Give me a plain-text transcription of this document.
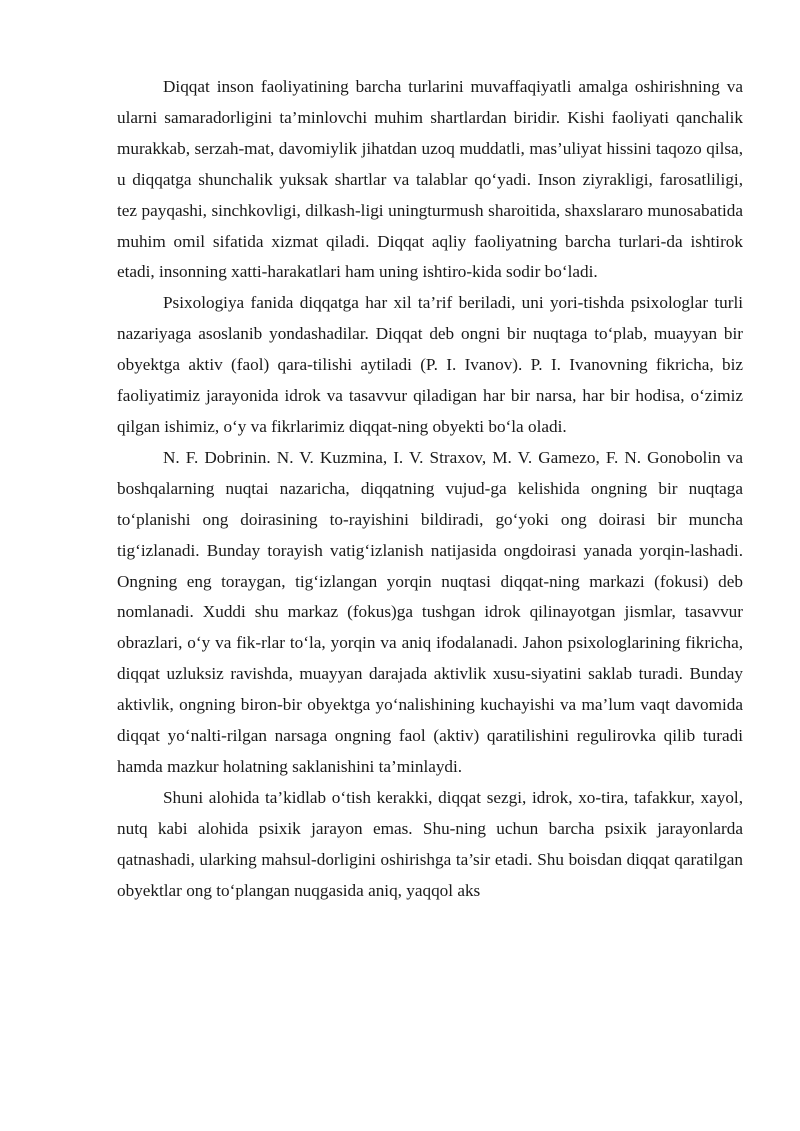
Diqqat inson faoliyatining barcha turlarini muvaffaqiyatli amalga oshirishning va ularni samaradorligini ta’minlovchi muhim shartlardan biridir. Kishi faoliyati qanchalik murakkab, serzah-mat, davomiylik jihatdan uzoq muddatli, mas’uliyat hissini taqozo qilsa, u diqqatga shunchalik yuksak shartlar va talablar qo‘yadi. Inson ziyrakligi, farosatliligi, tez payqashi, sinchkovligi, dilkash-ligi uningturmush sharoitida, shaxslararo munosabatida muhim omil sifatida xizmat qiladi. Diqqat aqliy faoliyatning barcha turlari-da ishtirok etadi, insonning xatti-harakatlari ham uning ishtiro-kida sodir bo‘ladi.

Psixologiya fanida diqqatga har xil ta’rif beriladi, uni yori-tishda psixologlar turli nazariyaga asoslanib yondashadilar. Diqqat deb ongni bir nuqtaga to‘plab, muayyan bir obyektga aktiv (faol) qara-tilishi aytiladi (P. I. Ivanov). P. I. Ivanovning fikricha, biz faoliyatimiz jarayonida idrok va tasavvur qiladigan har bir narsa, har bir hodisa, o‘zimiz qilgan ishimiz, o‘y va fikrlarimiz diqqat-ning obyekti bo‘la oladi.

N. F. Dobrinin. N. V. Kuzmina, I. V. Straxov, M. V. Gamezo, F. N. Gonobolin va boshqalarning nuqtai nazaricha, diqqatning vujud-ga kelishida ongning bir nuqtaga to‘planishi ong doirasining to-rayishini bildiradi, go‘yoki ong doirasi bir muncha tig‘izlanadi. Bunday torayish vatig‘izlanish natijasida ongdoirasi yanada yorqin-lashadi. Ongning eng toraygan, tig‘izlangan yorqin nuqtasi diqqat-ning markazi (fokusi) deb nomlanadi. Xuddi shu markaz (fokus)ga tushgan idrok qilinayotgan jismlar, tasavvur obrazlari, o‘y va fik-rlar to‘la, yorqin va aniq ifodalanadi. Jahon psixologlarining fikricha, diqqat uzluksiz ravishda, muayyan darajada aktivlik xusu-siyatini saklab turadi. Bunday aktivlik, ongning biron-bir obyektga yo‘nalishining kuchayishi va ma’lum vaqt davomida diqqat yo‘nalti-rilgan narsaga ongning faol (aktiv) qaratilishini regulirovka qilib turadi hamda mazkur holatning saklanishini ta’minlaydi.

Shuni alohida ta’kidlab o‘tish kerakki, diqqat sezgi, idrok, xo-tira, tafakkur, xayol, nutq kabi alohida psixik jarayon emas. Shu-ning uchun barcha psixik jarayonlarda qatnashadi, ularking mahsul-dorligini oshirishga ta’sir etadi. Shu boisdan diqqat qaratilgan obyektlar ong to‘plangan nuqgasida aniq, yaqqol aks
